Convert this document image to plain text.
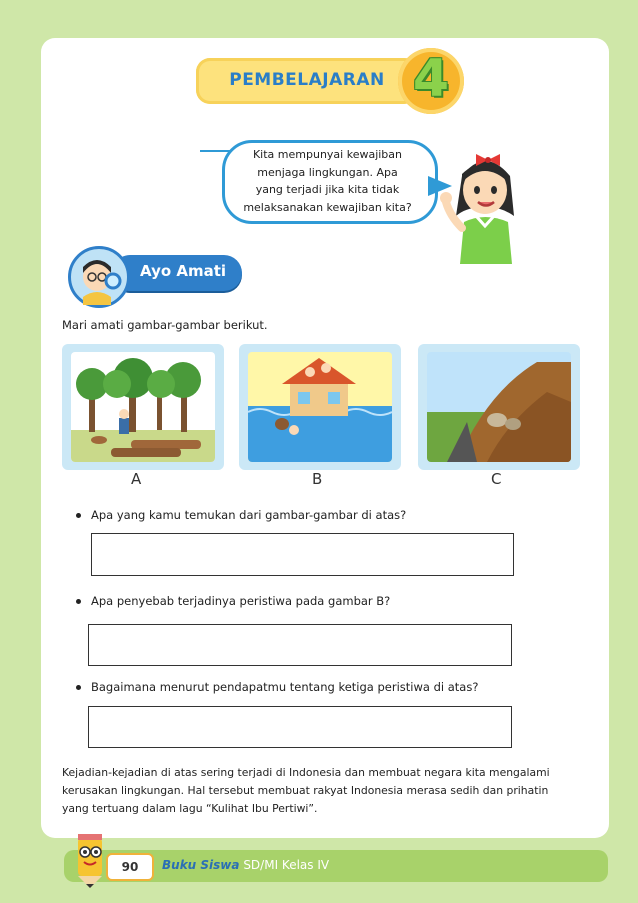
PEMBELAJARAN 4
Kita mempunyai kewajiban
menjaga lingkungan. Apa
yang terjadi jika kita tidak
melaksanakan kewajiban kita?
Ayo Amati
Mari amati gambar-gambar berikut.
A	B	C
Apa yang kamu temukan dari gambar-gambar di atas?
Apa penyebab terjadinya peristiwa pada gambar B?
Bagaimana menurut pendapatmu tentang ketiga peristiwa di atas?
Kejadian-kejadian di atas sering terjadi di Indonesia dan membuat negara kita mengalami
kerusakan lingkungan. Hal tersebut membuat rakyat Indonesia merasa sedih dan prihatin
yang tertuang dalam lagu “Kulihat Ibu Pertiwi”.
90	Buku Siswa SD/MI Kelas IV
